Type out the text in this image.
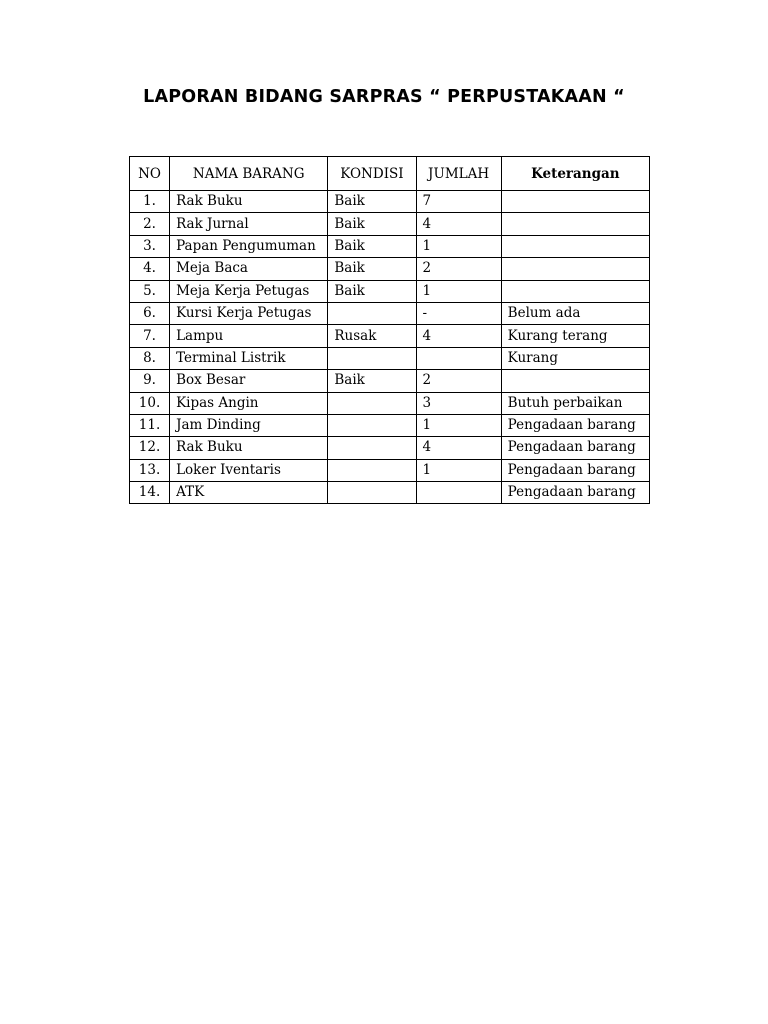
LAPORAN BIDANG SARPRAS “ PERPUSTAKAAN “
NO	NAMA BARANG	KONDISI	JUMLAH	Keterangan
1.	Rak Buku	Baik	7	
2.	Rak Jurnal	Baik	4	
3.	Papan Pengumuman	Baik	1	
4.	Meja Baca	Baik	2	
5.	Meja Kerja Petugas	Baik	1	
6.	Kursi Kerja Petugas		-	Belum ada
7.	Lampu	Rusak	4	Kurang terang
8.	Terminal Listrik			Kurang
9.	Box Besar	Baik	2	
10.	Kipas Angin		3	Butuh perbaikan
11.	Jam Dinding		1	Pengadaan barang
12.	Rak Buku		4	Pengadaan barang
13.	Loker Iventaris		1	Pengadaan barang
14.	ATK			Pengadaan barang
